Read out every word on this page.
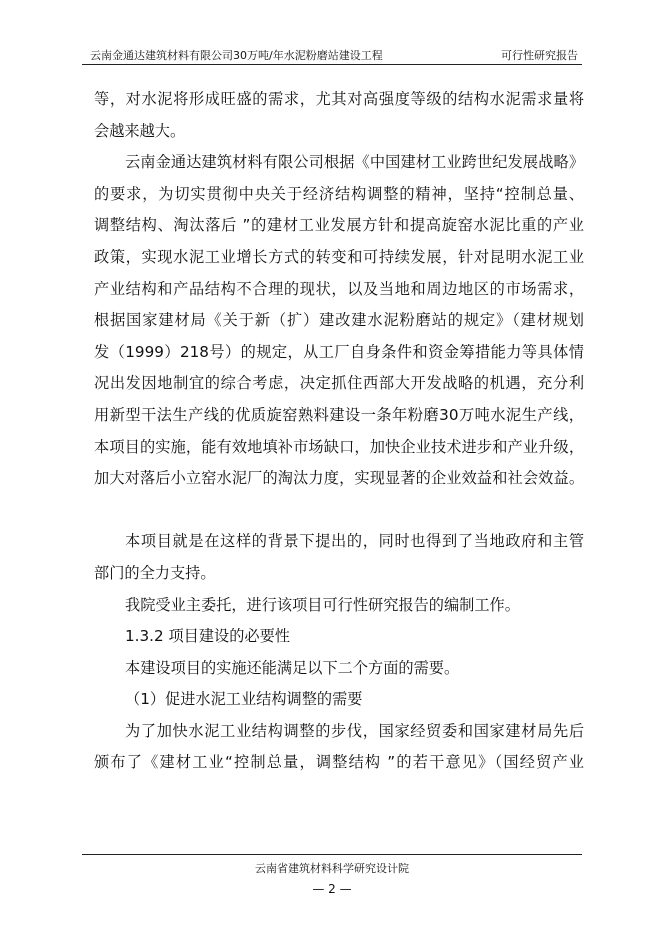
云南金通达建筑材料有限公司30万吨/年水泥粉磨站建设工程	可行性研究报告
等，对水泥将形成旺盛的需求，尤其对高强度等级的结构水泥需求量将
会越来越大。
云南金通达建筑材料有限公司根据《中国建材工业跨世纪发展战略》
的要求，为切实贯彻中央关于经济结构调整的精神，坚持“控制总量、
调整结构、淘汰落后 ”的建材工业发展方针和提高旋窑水泥比重的产业
政策，实现水泥工业增长方式的转变和可持续发展，针对昆明水泥工业
产业结构和产品结构不合理的现状，以及当地和周边地区的市场需求，
根据国家建材局《关于新（扩）建改建水泥粉磨站的规定》（建材规划
发（1999）218号）的规定，从工厂自身条件和资金筹措能力等具体情
况出发因地制宜的综合考虑，决定抓住西部大开发战略的机遇，充分利
用新型干法生产线的优质旋窑熟料建设一条年粉磨30万吨水泥生产线，
本项目的实施，能有效地填补市场缺口，加快企业技术进步和产业升级，
加大对落后小立窑水泥厂的淘汰力度，实现显著的企业效益和社会效益。
本项目就是在这样的背景下提出的，同时也得到了当地政府和主管
部门的全力支持。
我院受业主委托，进行该项目可行性研究报告的编制工作。
1.3.2 项目建设的必要性
本建设项目的实施还能满足以下二个方面的需要。
（1）促进水泥工业结构调整的需要
为了加快水泥工业结构调整的步伐，国家经贸委和国家建材局先后
颁布了《建材工业“控制总量，调整结构 ”的若干意见》（国经贸产业
云南省建筑材料科学研究设计院
— 2 —
